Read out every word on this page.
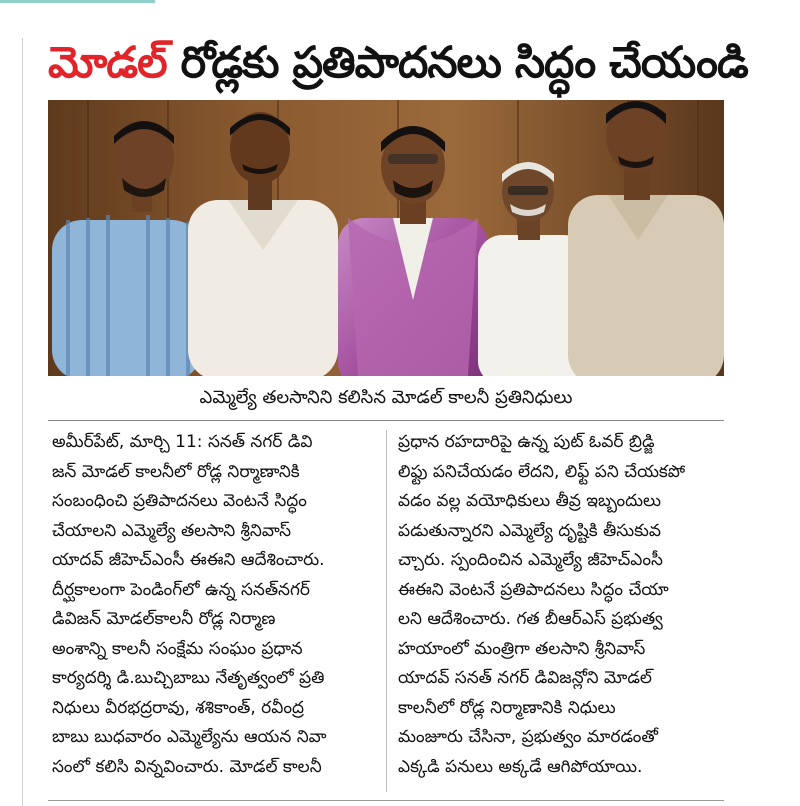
మోడల్ రోడ్లకు ప్రతిపాదనలు సిద్ధం చేయండి
ఎమ్మెల్యే తలసానిని కలిసిన మోడల్ కాలనీ ప్రతినిధులు
అమీర్‌పేట్, మార్చి 11: సనత్ నగర్ డివి
జన్ మోడల్ కాలనీలో రోడ్ల నిర్మాణానికి
సంబంధించి ప్రతిపాదనలు వెంటనే సిద్ధం
చేయాలని ఎమ్మెల్యే తలసాని శ్రీనివాస్
యాదవ్ జీహెచ్‌ఎంసీ ఈఈని ఆదేశించారు.
దీర్ఘకాలంగా పెండింగ్‌లో ఉన్న సనత్‌నగర్
డివిజన్ మోడల్‌కాలనీ రోడ్ల నిర్మాణ
అంశాన్ని కాలనీ సంక్షేమ సంఘం ప్రధాన
కార్యదర్శి డి.బుచ్చిబాబు నేతృత్వంలో ప్రతి
నిధులు వీరభద్రరావు, శశికాంత్, రవీంద్ర
బాబు బుధవారం ఎమ్మెల్యేను ఆయన నివా
సంలో కలిసి విన్నవించారు. మోడల్ కాలనీ
ప్రధాన రహదారిపై ఉన్న పుట్ ఓవర్ బ్రిడ్జి
లిఫ్టు పనిచేయడం లేదని, లిఫ్ట్ పని చేయకపో
వడం వల్ల వయోధికులు తీవ్ర ఇబ్బందులు
పడుతున్నారని ఎమ్మెల్యే దృష్టికి తీసుకువ
చ్చారు. స్పందించిన ఎమ్మెల్యే జీహెచ్‌ఎంసీ
ఈఈని వెంటనే ప్రతిపాదనలు సిద్ధం చేయా
లని ఆదేశించారు. గత బీఆర్‌ఎస్ ప్రభుత్వ
హయాంలో మంత్రిగా తలసాని శ్రీనివాస్
యాదవ్ సనత్ నగర్ డివిజన్లోని మోడల్
కాలనీలో రోడ్ల నిర్మాణానికి నిధులు
మంజూరు చేసినా, ప్రభుత్వం మారడంతో
ఎక్కడి పనులు అక్కడే ఆగిపోయాయి.
